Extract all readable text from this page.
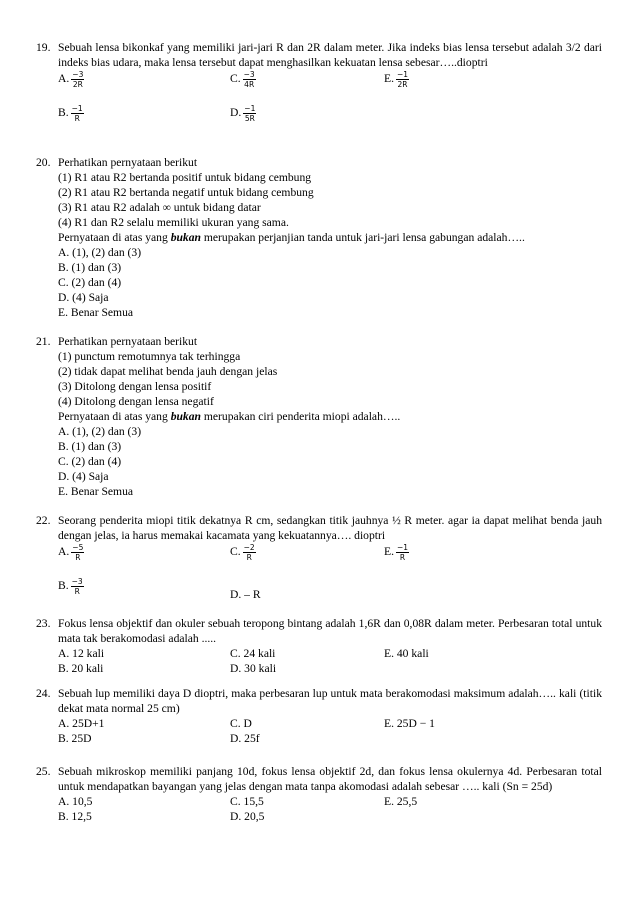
19. Sebuah lensa bikonkaf yang memiliki jari-jari R dan 2R dalam meter. Jika indeks bias lensa tersebut adalah 3/2 dari indeks bias udara, maka lensa tersebut dapat menghasilkan kekuatan lensa sebesar…..dioptri
A. $\frac{-3}{2R}$	C. $\frac{-3}{4R}$	E. $\frac{-1}{2R}$
B. $\frac{-1}{R}$	D. $\frac{-1}{5R}$
20. Perhatikan pernyataan berikut
(1) R1 atau R2 bertanda positif untuk bidang cembung
(2) R1 atau R2 bertanda negatif untuk bidang cembung
(3) R1 atau R2 adalah ∞ untuk bidang datar
(4) R1 dan R2 selalu memiliki ukuran yang sama.
Pernyataan di atas yang bukan merupakan perjanjian tanda untuk jari-jari lensa gabungan adalah…..
A. (1), (2) dan (3)
B. (1) dan (3)
C. (2) dan (4)
D. (4) Saja
E. Benar Semua
21. Perhatikan pernyataan berikut
(1) punctum remotumnya tak terhingga
(2) tidak dapat melihat benda jauh dengan jelas
(3) Ditolong dengan lensa positif
(4) Ditolong dengan lensa negatif
Pernyataan di atas yang bukan merupakan ciri penderita miopi adalah…..
A. (1), (2) dan (3)
B. (1) dan (3)
C. (2) dan (4)
D. (4) Saja
E. Benar Semua
22. Seorang penderita miopi titik dekatnya R cm, sedangkan titik jauhnya ½ R meter. agar ia dapat melihat benda jauh dengan jelas, ia harus memakai kacamata yang kekuatannya…. dioptri
A. $\frac{-5}{R}$	C. $\frac{-2}{R}$	E. $\frac{-1}{R}$
B. $\frac{-3}{R}$	D. – R
23. Fokus lensa objektif dan okuler sebuah teropong bintang adalah 1,6R dan 0,08R dalam meter. Perbesaran total untuk mata tak berakomodasi adalah .....
A. 12 kali	C. 24 kali	E. 40 kali
B. 20 kali	D. 30 kali
24. Sebuah lup memiliki daya D dioptri, maka perbesaran lup untuk mata berakomodasi maksimum adalah….. kali (titik dekat mata normal 25 cm)
A. 25D+1	C. D	E. 25D − 1
B. 25D	D. 25f
25. Sebuah mikroskop memiliki panjang 10d, fokus lensa objektif 2d, dan fokus lensa okulernya 4d. Perbesaran total untuk mendapatkan bayangan yang jelas dengan mata tanpa akomodasi adalah sebesar ….. kali (Sn = 25d)
A. 10,5	C. 15,5	E. 25,5
B. 12,5	D. 20,5
